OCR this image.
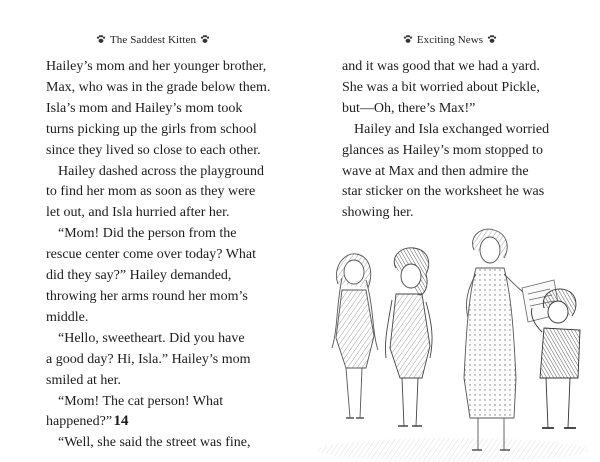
The Saddest Kitten
Hailey’s mom and her younger brother,
Max, who was in the grade below them.
Isla’s mom and Hailey’s mom took
turns picking up the girls from school
since they lived so close to each other.
Hailey dashed across the playground
to find her mom as soon as they were
let out, and Isla hurried after her.
“Mom! Did the person from the
rescue center come over today? What
did they say?” Hailey demanded,
throwing her arms round her mom’s
middle.
“Hello, sweetheart. Did you have
a good day? Hi, Isla.” Hailey’s mom
smiled at her.
“Mom! The cat person! What
happened?”
“Well, she said the street was fine,
14
Exciting News
and it was good that we had a yard.
She was a bit worried about Pickle,
but—Oh, there’s Max!”
Hailey and Isla exchanged worried
glances as Hailey’s mom stopped to
wave at Max and then admire the
star sticker on the worksheet he was
showing her.
